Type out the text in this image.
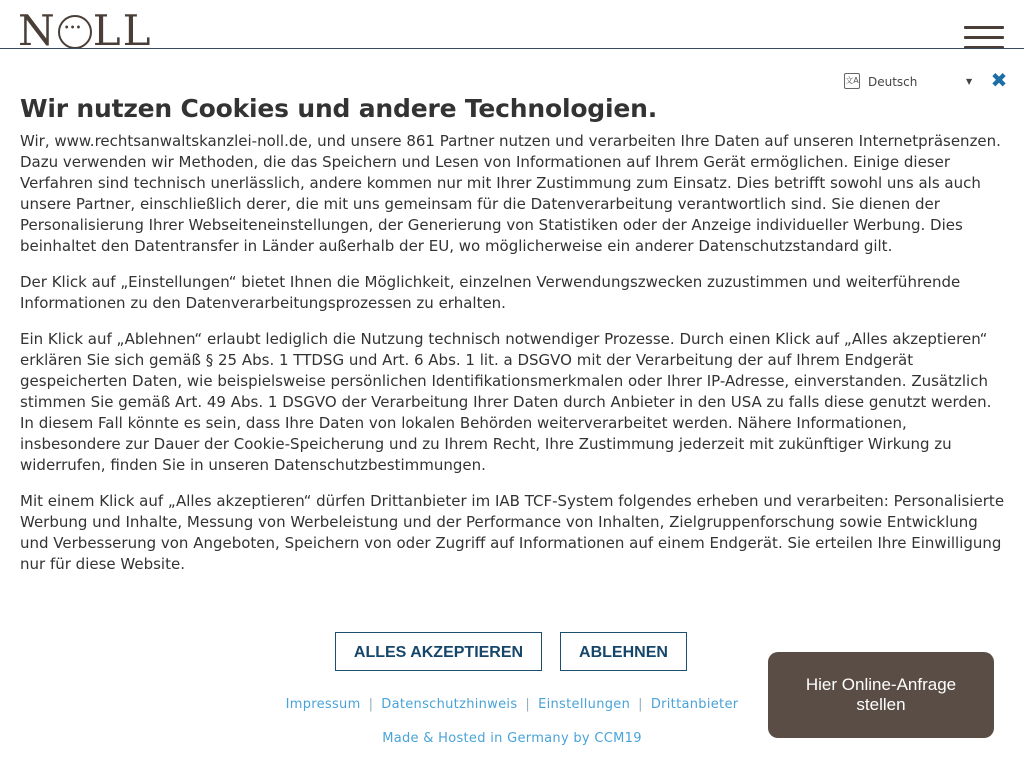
N••• LL
文A Deutsch	▼ ✖
Wir nutzen Cookies und andere Technologien.

Wir, www.rechtsanwaltskanzlei-noll.de, und unsere 861 Partner nutzen und verarbeiten Ihre Daten auf unseren Internetpräsenzen. Dazu verwenden wir Methoden, die das Speichern und Lesen von Informationen auf Ihrem Gerät ermöglichen. Einige dieser Verfahren sind technisch unerlässlich, andere kommen nur mit Ihrer Zustimmung zum Einsatz. Dies betrifft sowohl uns als auch unsere Partner, einschließlich derer, die mit uns gemeinsam für die Datenverarbeitung verantwortlich sind. Sie dienen der Personalisierung Ihrer Webseiteneinstellungen, der Generierung von Statistiken oder der Anzeige individueller Werbung. Dies beinhaltet den Datentransfer in Länder außerhalb der EU, wo möglicherweise ein anderer Datenschutzstandard gilt.

Der Klick auf „Einstellungen“ bietet Ihnen die Möglichkeit, einzelnen Verwendungszwecken zuzustimmen und weiterführende Informationen zu den Datenverarbeitungsprozessen zu erhalten.

Ein Klick auf „Ablehnen“ erlaubt lediglich die Nutzung technisch notwendiger Prozesse. Durch einen Klick auf „Alles akzeptieren“ erklären Sie sich gemäß § 25 Abs. 1 TTDSG und Art. 6 Abs. 1 lit. a DSGVO mit der Verarbeitung der auf Ihrem Endgerät gespeicherten Daten, wie beispielsweise persönlichen Identifikationsmerkmalen oder Ihrer IP-Adresse, einverstanden. Zusätzlich stimmen Sie gemäß Art. 49 Abs. 1 DSGVO der Verarbeitung Ihrer Daten durch Anbieter in den USA zu falls diese genutzt werden. In diesem Fall könnte es sein, dass Ihre Daten von lokalen Behörden weiterverarbeitet werden. Nähere Informationen, insbesondere zur Dauer der Cookie-Speicherung und zu Ihrem Recht, Ihre Zustimmung jederzeit mit zukünftiger Wirkung zu widerrufen, finden Sie in unseren Datenschutzbestimmungen.

Mit einem Klick auf „Alles akzeptieren“ dürfen Drittanbieter im IAB TCF-System folgendes erheben und verarbeiten: Personalisierte Werbung und Inhalte, Messung von Werbeleistung und der Performance von Inhalten, Zielgruppenforschung sowie Entwicklung und Verbesserung von Angeboten, Speichern von oder Zugriff auf Informationen auf einem Endgerät. Sie erteilen Ihre Einwilligung nur für diese Website.

ALLES AKZEPTIEREN	ABLEHNEN
Impressum | Datenschutzhinweis | Einstellungen | Drittanbieter
Made & Hosted in Germany by CCM19
Hier Online-Anfrage
stellen
